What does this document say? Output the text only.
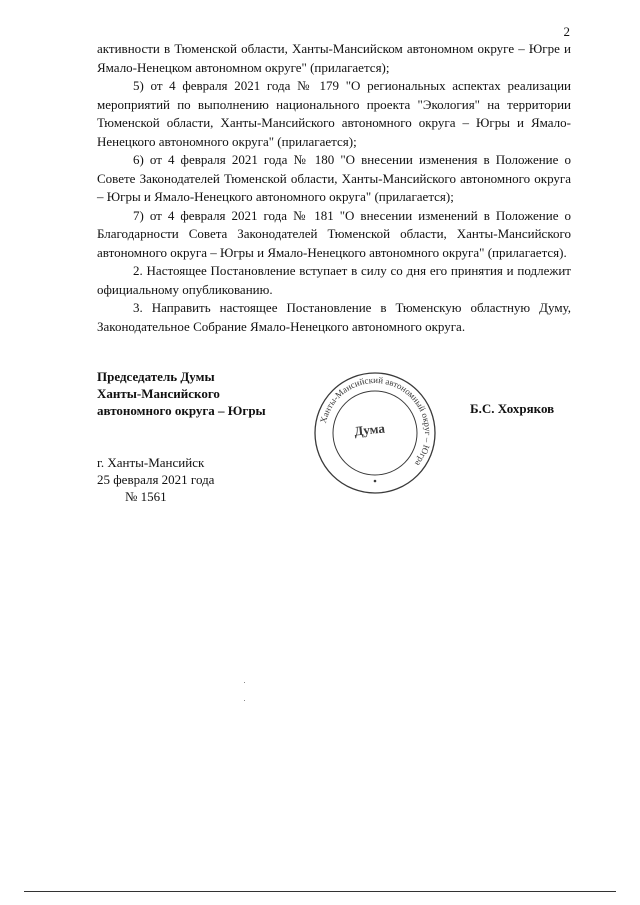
2

активности в Тюменской области, Ханты-Мансийском автономном округе – Югре и Ямало-Ненецком автономном округе" (прилагается);

5) от 4 февраля 2021 года № 179 "О региональных аспектах реализации мероприятий по выполнению национального проекта "Экология" на территории Тюменской области, Ханты-Мансийского автономного округа – Югры и Ямало-Ненецкого автономного округа" (прилагается);

6) от 4 февраля 2021 года № 180 "О внесении изменения в Положение о Совете Законодателей Тюменской области, Ханты-Мансийского автономного округа – Югры и Ямало-Ненецкого автономного округа" (прилагается);

7) от 4 февраля 2021 года № 181 "О внесении изменений в Положение о Благодарности Совета Законодателей Тюменской области, Ханты-Мансийского автономного округа – Югры и Ямало-Ненецкого автономного округа" (прилагается).

2. Настоящее Постановление вступает в силу со дня его принятия и подлежит официальному опубликованию.

3. Направить настоящее Постановление в Тюменскую областную Думу, Законодательное Собрание Ямало-Ненецкого автономного округа.

Председатель Думы
Ханты-Мансийского
автономного округа – Югры
Ханты-Мансийский автономный округ – Югра
Дума
Б.С. Хохряков
г. Ханты-Мансийск
25 февраля 2021 года
№ 1561
